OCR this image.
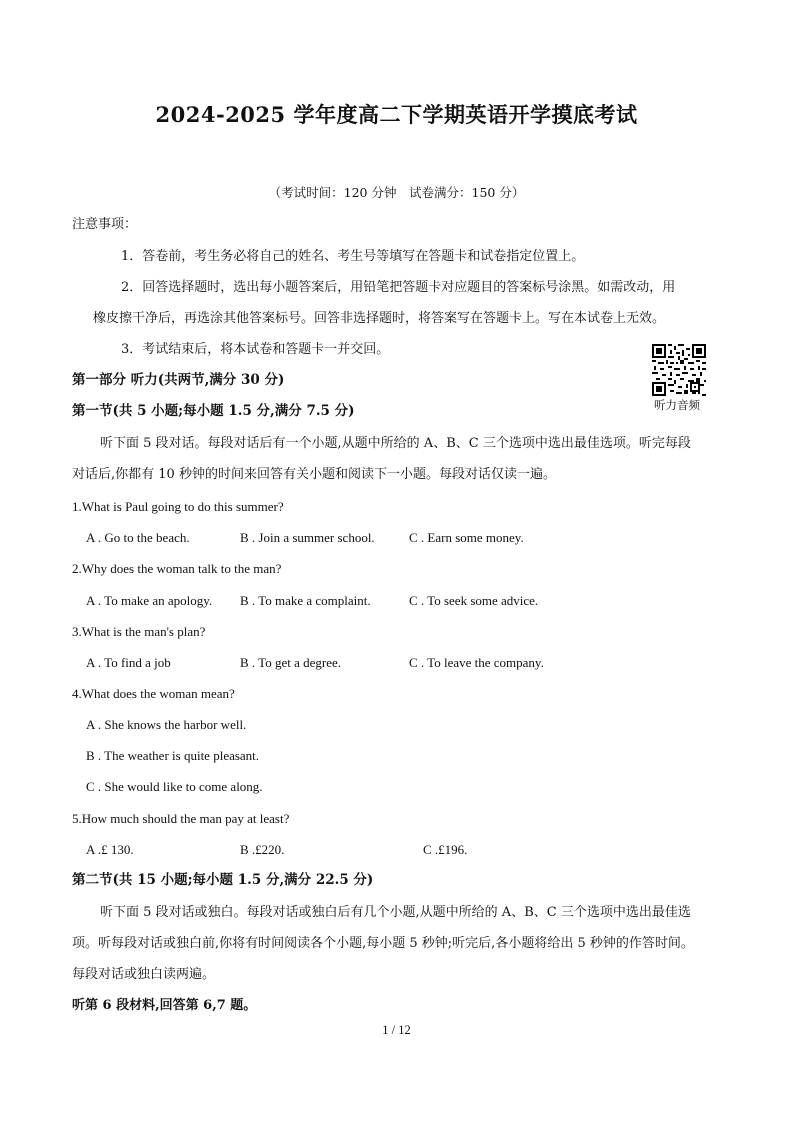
2024-2025 学年度高二下学期英语开学摸底考试
（考试时间：120 分钟　试卷满分：150 分）
注意事项：
1．答卷前，考生务必将自己的姓名、考生号等填写在答题卡和试卷指定位置上。
2．回答选择题时，选出每小题答案后，用铅笔把答题卡对应题目的答案标号涂黑。如需改动，用
橡皮擦干净后，再选涂其他答案标号。回答非选择题时，将答案写在答题卡上。写在本试卷上无效。
3．考试结束后，将本试卷和答题卡一并交回。
听力音频
第一部分 听力(共两节,满分 30 分)
第一节(共 5 小题;每小题 1.5 分,满分 7.5 分)
听下面 5 段对话。每段对话后有一个小题,从题中所给的 A、B、C 三个选项中选出最佳选项。听完每段
对话后,你都有 10 秒钟的时间来回答有关小题和阅读下一小题。每段对话仅读一遍。
1.What is Paul going to do this summer?
A . Go to the beach.	B . Join a summer school.	C . Earn some money.
2.Why does the woman talk to the man?
A . To make an apology. B . To make a complaint.	C . To seek some advice.
3.What is the man's plan?
A . To find a job	B . To get a degree.	C . To leave the company.
4.What does the woman mean?
A . She knows the harbor well.
B . The weather is quite pleasant.
C . She would like to come along.
5.How much should the man pay at least?
A .£ 130.	B .£220.	C .£196.
第二节(共 15 小题;每小题 1.5 分,满分 22.5 分)
听下面 5 段对话或独白。每段对话或独白后有几个小题,从题中所给的 A、B、C 三个选项中选出最佳选
项。听每段对话或独白前,你将有时间阅读各个小题,每小题 5 秒钟;听完后,各小题将给出 5 秒钟的作答时间。
每段对话或独白读两遍。
听第 6 段材料,回答第 6,7 题。
1 / 12
